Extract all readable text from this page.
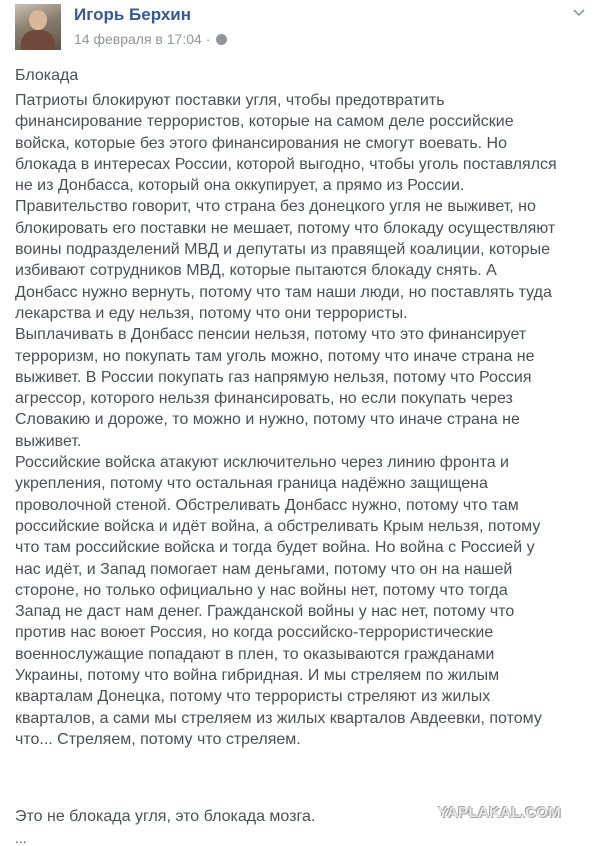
Игорь Берхин
14 февраля в 17:04 ·
Блокада
Патриоты блокируют поставки угля, чтобы предотвратить
финансирование террористов, которые на самом деле российские
войска, которые без этого финансирования не смогут воевать. Но
блокада в интересах России, которой выгодно, чтобы уголь поставлялся
не из Донбасса, который она оккупирует, а прямо из России.
Правительство говорит, что страна без донецкого угля не выживет, но
блокировать его поставки не мешает, потому что блокаду осуществляют
воины подразделений МВД и депутаты из правящей коалиции, которые
избивают сотрудников МВД, которые пытаются блокаду снять. А
Донбасс нужно вернуть, потому что там наши люди, но поставлять туда
лекарства и еду нельзя, потому что они террористы.
Выплачивать в Донбасс пенсии нельзя, потому что это финансирует
терроризм, но покупать там уголь можно, потому что иначе страна не
выживет. В России покупать газ напрямую нельзя, потому что Россия
агрессор, которого нельзя финансировать, но если покупать через
Словакию и дороже, то можно и нужно, потому что иначе страна не
выживет.
Российские войска атакуют исключительно через линию фронта и
укрепления, потому что остальная граница надёжно защищена
проволочной стеной. Обстреливать Донбасс нужно, потому что там
российские войска и идёт война, а обстреливать Крым нельзя, потому
что там российские войска и тогда будет война. Но война с Россией у
нас идёт, и Запад помогает нам деньгами, потому что он на нашей
стороне, но только официально у нас войны нет, потому что тогда
Запад не даст нам денег. Гражданской войны у нас нет, потому что
против нас воюет Россия, но когда российско-террористические
военнослужащие попадают в плен, то оказываются гражданами
Украины, потому что война гибридная. И мы стреляем по жилым
кварталам Донецка, потому что террористы стреляют из жилых
кварталов, а сами мы стреляем из жилых кварталов Авдеевки, потому
что... Стреляем, потому что стреляем.
Это не блокада угля, это блокада мозга.
...
YAPLAKAL.COM
